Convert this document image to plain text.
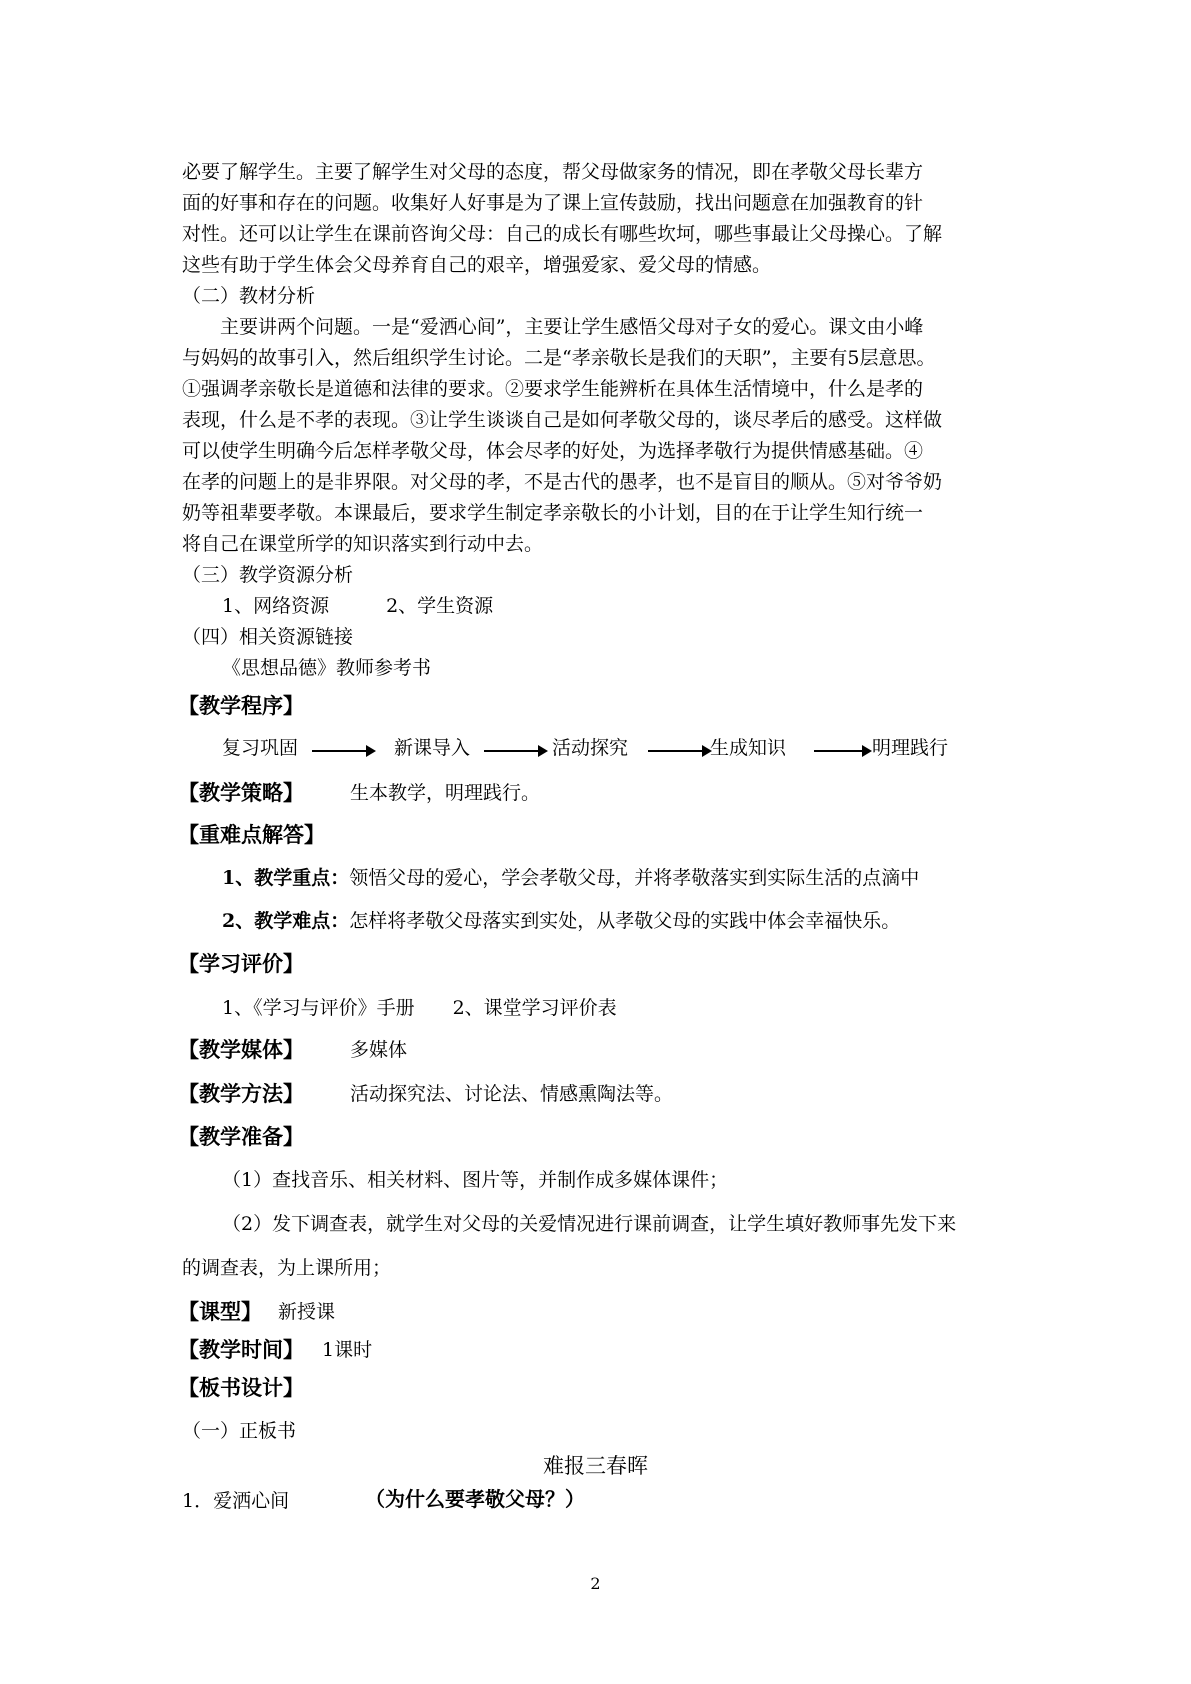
必要了解学生。主要了解学生对父母的态度，帮父母做家务的情况，即在孝敬父母长辈方
面的好事和存在的问题。收集好人好事是为了课上宣传鼓励，找出问题意在加强教育的针
对性。还可以让学生在课前咨询父母：自己的成长有哪些坎坷，哪些事最让父母操心。了解
这些有助于学生体会父母养育自己的艰辛，增强爱家、爱父母的情感。
（二）教材分析
　　主要讲两个问题。一是“爱洒心间”，主要让学生感悟父母对子女的爱心。课文由小峰
与妈妈的故事引入，然后组织学生讨论。二是“孝亲敬长是我们的天职”，主要有5层意思。
①强调孝亲敬长是道德和法律的要求。②要求学生能辨析在具体生活情境中，什么是孝的
表现，什么是不孝的表现。③让学生谈谈自己是如何孝敬父母的，谈尽孝后的感受。这样做
可以使学生明确今后怎样孝敬父母，体会尽孝的好处，为选择孝敬行为提供情感基础。④
在孝的问题上的是非界限。对父母的孝，不是古代的愚孝，也不是盲目的顺从。⑤对爷爷奶
奶等祖辈要孝敬。本课最后，要求学生制定孝亲敬长的小计划，目的在于让学生知行统一
将自己在课堂所学的知识落实到行动中去。
（三）教学资源分析
1、网络资源　　　2、学生资源
（四）相关资源链接
《思想品德》教师参考书
【教学程序】
复习巩固	新课导入	活动探究	生成知识	明理践行
【教学策略】 生本教学，明理践行。
【重难点解答】
1、教学重点：领悟父母的爱心，学会孝敬父母，并将孝敬落实到实际生活的点滴中
2、教学难点：怎样将孝敬父母落实到实处，从孝敬父母的实践中体会幸福快乐。
【学习评价】
1、《学习与评价》手册　　2、课堂学习评价表
【教学媒体】 多媒体
【教学方法】 活动探究法、讨论法、情感熏陶法等。
【教学准备】
（1）查找音乐、相关材料、图片等，并制作成多媒体课件；
（2）发下调查表，就学生对父母的关爱情况进行课前调查，让学生填好教师事先发下来
的调查表，为上课所用；
【课型】 新授课
【教学时间】 1课时
【板书设计】
（一）正板书
难报三春晖
1．爱洒心间	（为什么要孝敬父母？）
2
